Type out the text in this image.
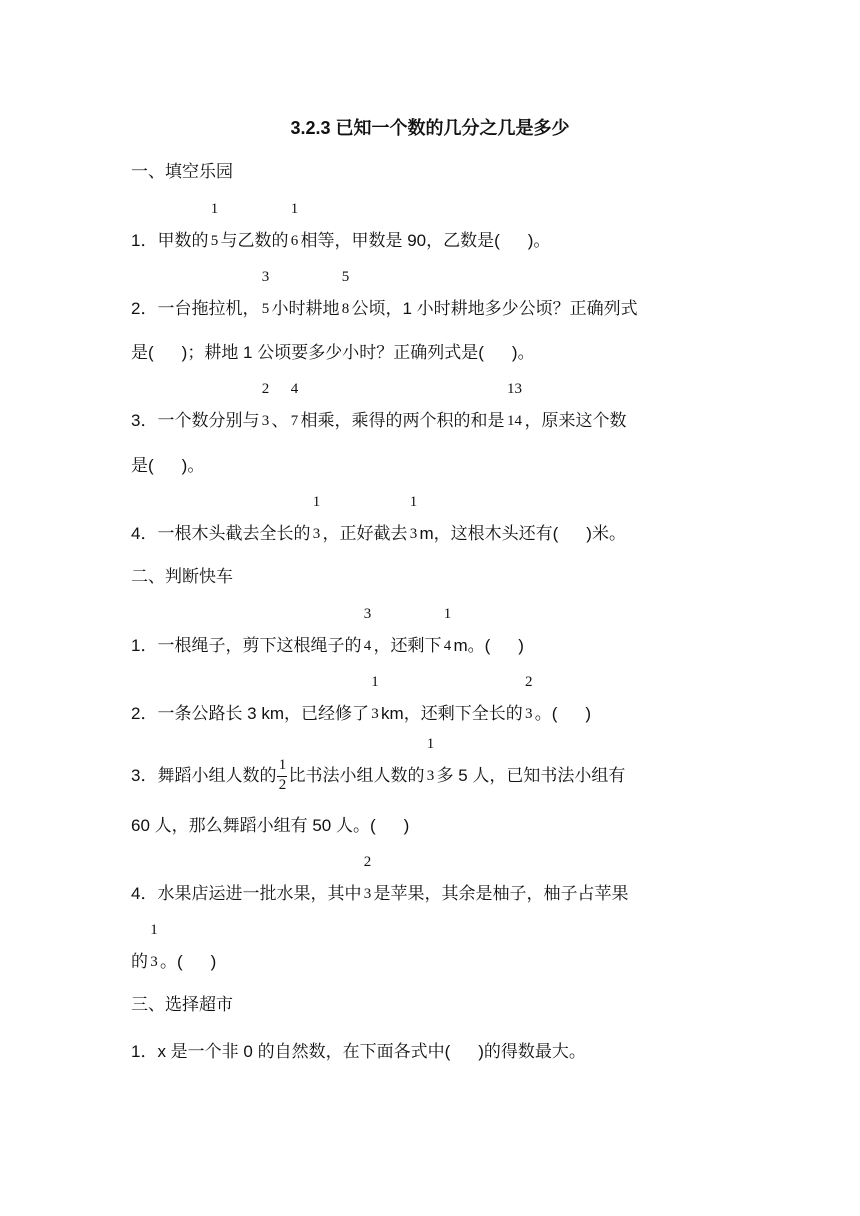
3.2.3 已知一个数的几分之几是多少
一、填空乐园
1．甲数的
1
5 与乙数的
1
6 相等，甲数是 90，乙数是( )。
2．一台拖拉机，
3
5 小时耕地
5
8 公顷，1 小时耕地多少公顷？正确列式
是( )；耕地 1 公顷要多少小时？正确列式是( )。
3．一个数分别与
2
3 、
4
7 相乘，乘得的两个积的和是
13
14 ，原来这个数
是( )。
4．一根木头截去全长的
1
3 ，正好截去
1
3 m，这根木头还有( )米。
二、判断快车
1．一根绳子，剪下这根绳子的
3
4 ，还剩下
1
4 m。( )
2．一条公路长 3 km，已经修了
1
3 km，还剩下全长的
2
3 。( )
3．舞蹈小组人数的 $\frac{1}{2}$ 比书法小组人数的
1
3 多 5 人，已知书法小组有
60 人，那么舞蹈小组有 50 人。( )
4．水果店运进一批水果，其中
2
3 是苹果，其余是柚子，柚子占苹果
的
1
3 。( )
三、选择超市
1．x 是一个非 0 的自然数，在下面各式中( )的得数最大。
